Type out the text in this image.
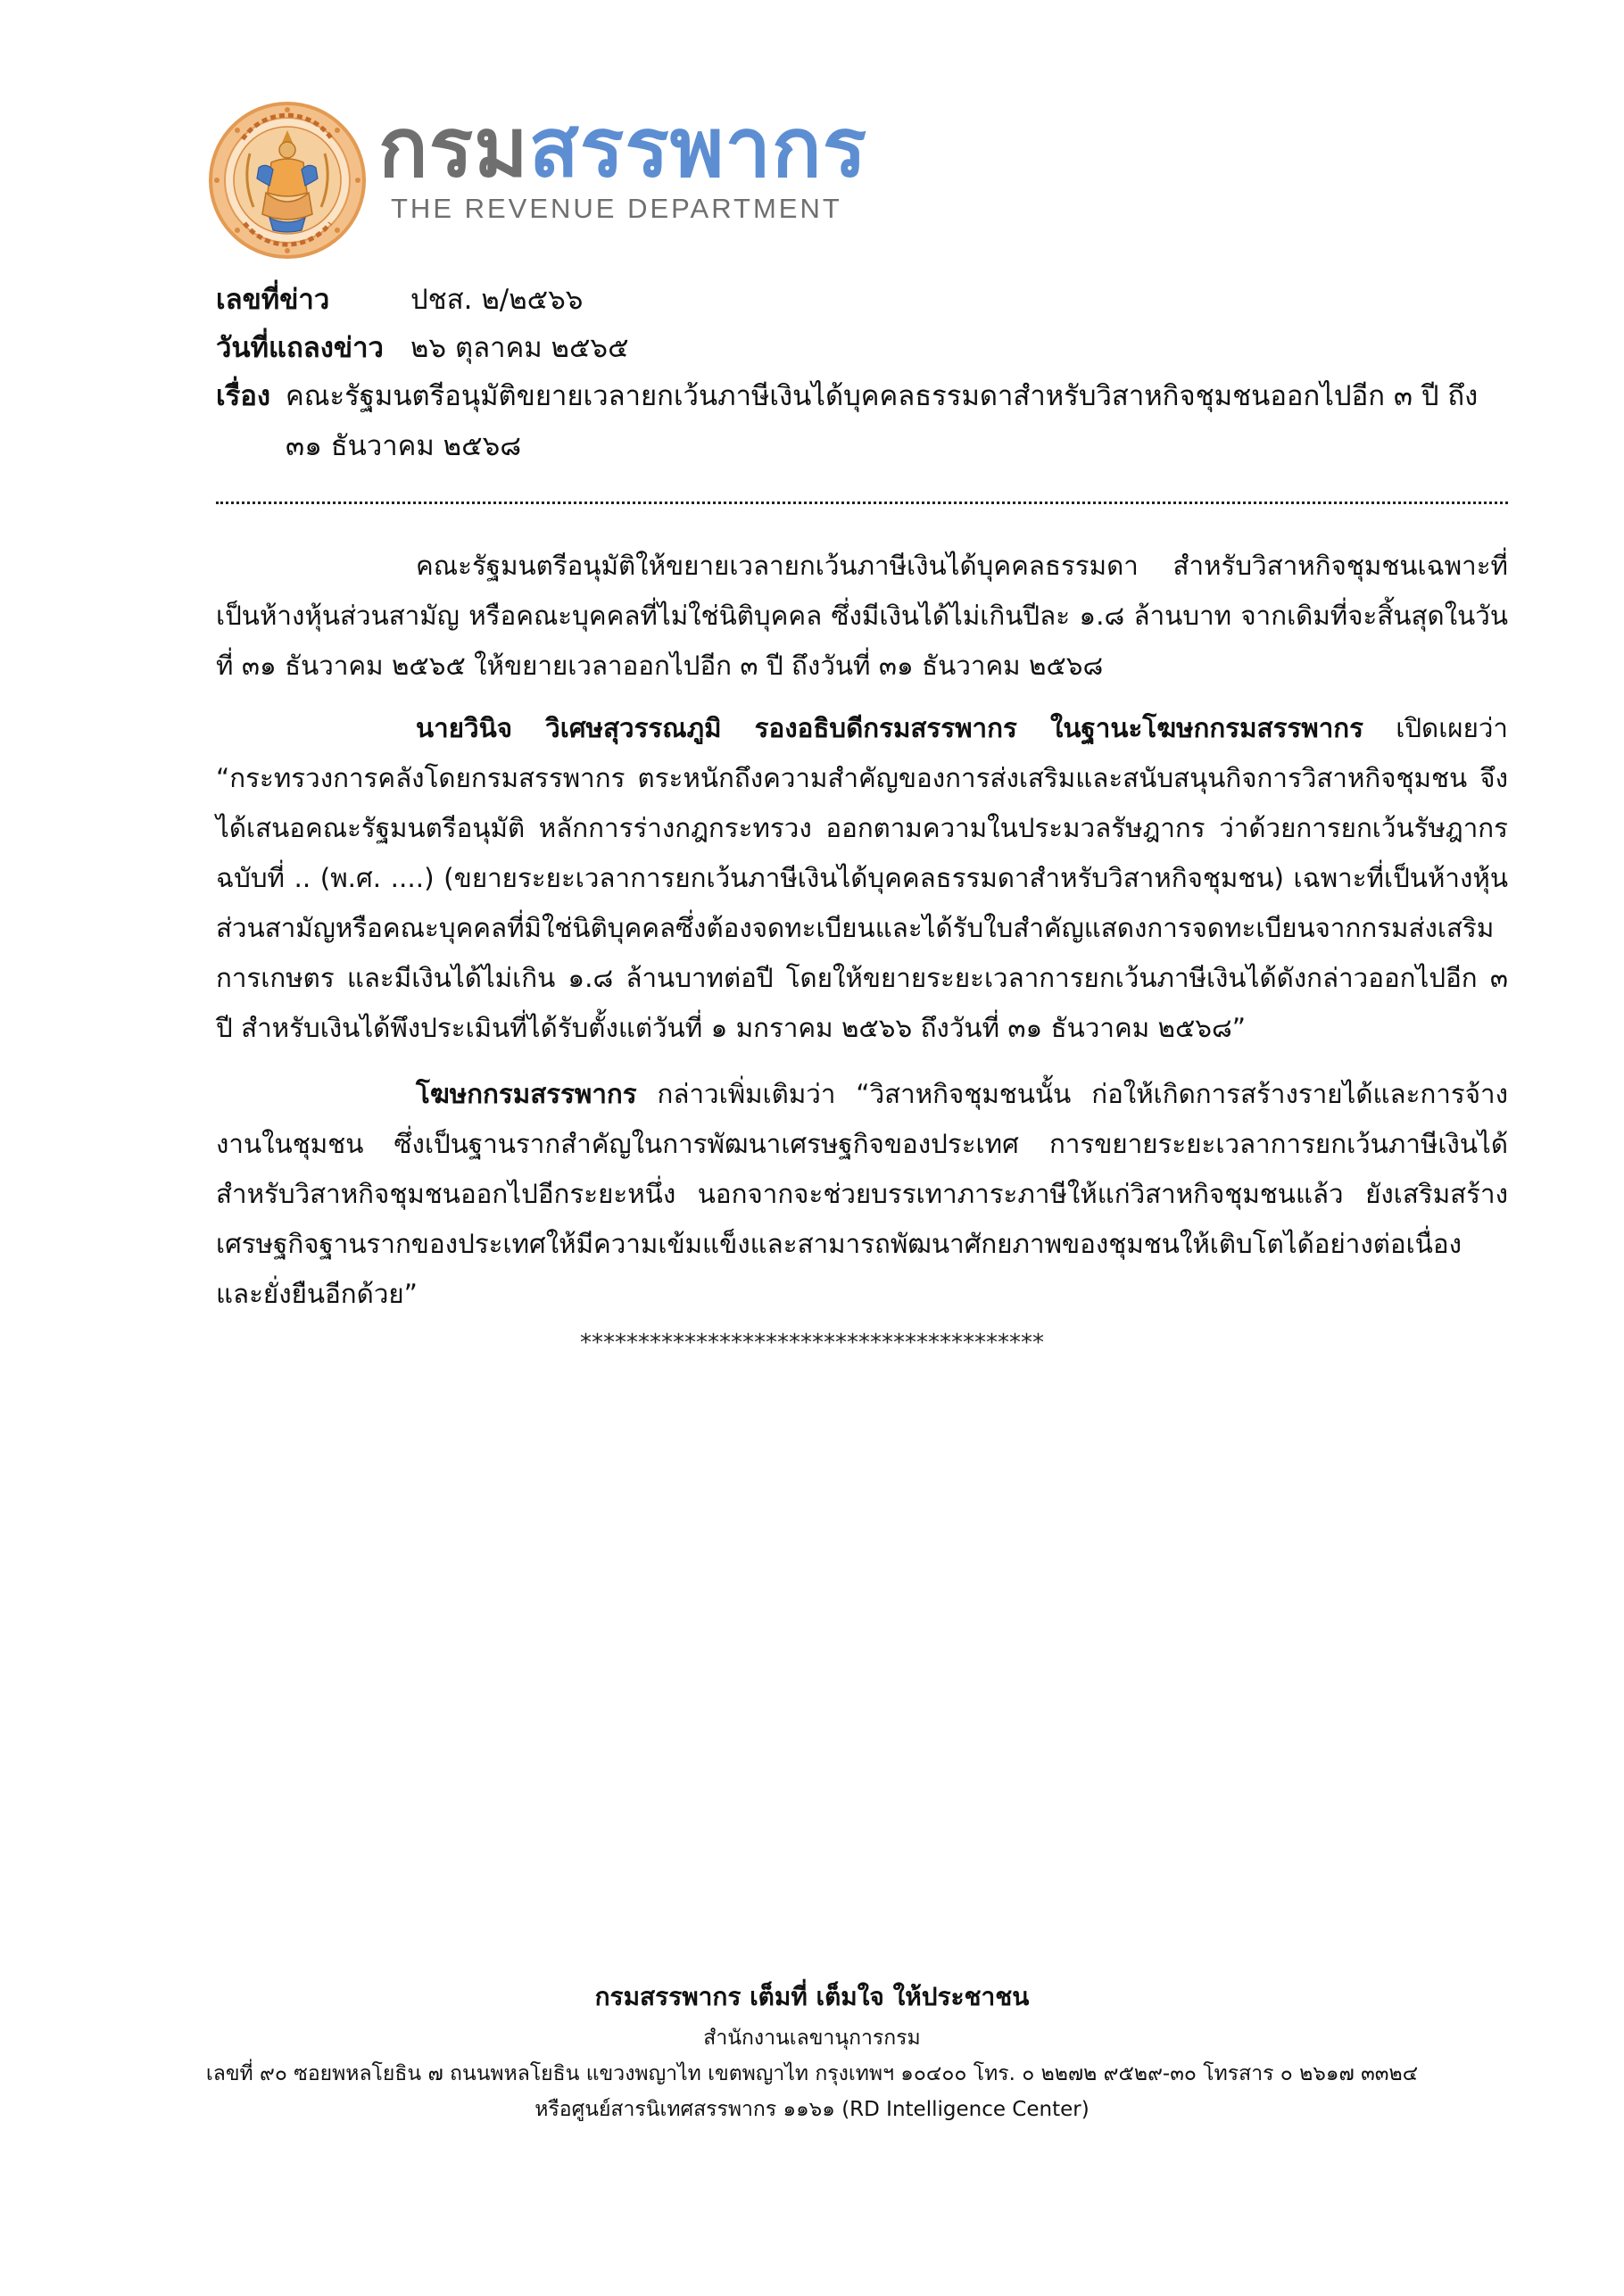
กรมสรรพากร
THE REVENUE DEPARTMENT
เลขที่ข่าว	ปชส. ๒/๒๕๖๖
วันที่แถลงข่าว ๒๖ ตุลาคม ๒๕๖๕
เรื่อง คณะรัฐมนตรีอนุมัติขยายเวลายกเว้นภาษีเงินได้บุคคลธรรมดาสำหรับวิสาหกิจชุมชนออกไปอีก ๓ ปี ถึง ๓๑ ธันวาคม ๒๕๖๘

คณะรัฐมนตรีอนุมัติให้ขยายเวลายกเว้นภาษีเงินได้บุคคลธรรมดา สำหรับวิสาหกิจชุมชนเฉพาะที่เป็นห้างหุ้นส่วนสามัญ หรือคณะบุคคลที่ไม่ใช่นิติบุคคล ซึ่งมีเงินได้ไม่เกินปีละ ๑.๘ ล้านบาท จากเดิมที่จะสิ้นสุดในวันที่ ๓๑ ธันวาคม ๒๕๖๕ ให้ขยายเวลาออกไปอีก ๓ ปี ถึงวันที่ ๓๑ ธันวาคม ๒๕๖๘

นายวินิจ วิเศษสุวรรณภูมิ รองอธิบดีกรมสรรพากร ในฐานะโฆษกกรมสรรพากร เปิดเผยว่า “กระทรวงการคลังโดยกรมสรรพากร ตระหนักถึงความสำคัญของการส่งเสริมและสนับสนุนกิจการวิสาหกิจชุมชน จึงได้เสนอคณะรัฐมนตรีอนุมัติ หลักการร่างกฎกระทรวง ออกตามความในประมวลรัษฎากร ว่าด้วยการยกเว้นรัษฎากร ฉบับที่ .. (พ.ศ. ....) (ขยายระยะเวลาการยกเว้นภาษีเงินได้บุคคลธรรมดาสำหรับวิสาหกิจชุมชน) เฉพาะที่เป็นห้างหุ้นส่วนสามัญหรือคณะบุคคลที่มิใช่นิติบุคคลซึ่งต้องจดทะเบียนและได้รับใบสำคัญแสดงการจดทะเบียนจากกรมส่งเสริมการเกษตร และมีเงินได้ไม่เกิน ๑.๘ ล้านบาทต่อปี โดยให้ขยายระยะเวลาการยกเว้นภาษีเงินได้ดังกล่าวออกไปอีก ๓ ปี สำหรับเงินได้พึงประเมินที่ได้รับตั้งแต่วันที่ ๑ มกราคม ๒๕๖๖ ถึงวันที่ ๓๑ ธันวาคม ๒๕๖๘”

โฆษกกรมสรรพากร กล่าวเพิ่มเติมว่า “วิสาหกิจชุมชนนั้น ก่อให้เกิดการสร้างรายได้และการจ้างงานในชุมชน ซึ่งเป็นฐานรากสำคัญในการพัฒนาเศรษฐกิจของประเทศ การขยายระยะเวลาการยกเว้นภาษีเงินได้สำหรับวิสาหกิจชุมชนออกไปอีกระยะหนึ่ง นอกจากจะช่วยบรรเทาภาระภาษีให้แก่วิสาหกิจชุมชนแล้ว ยังเสริมสร้างเศรษฐกิจฐานรากของประเทศให้มีความเข้มแข็งและสามารถพัฒนาศักยภาพของชุมชนให้เติบโตได้อย่างต่อเนื่องและยั่งยืนอีกด้วย”

****************************************
กรมสรรพากร เต็มที่ เต็มใจ ให้ประชาชน
สำนักงานเลขานุการกรม
เลขที่ ๙๐ ซอยพหลโยธิน ๗ ถนนพหลโยธิน แขวงพญาไท เขตพญาไท กรุงเทพฯ ๑๐๔๐๐ โทร. ๐ ๒๒๗๒ ๙๕๒๙-๓๐ โทรสาร ๐ ๒๖๑๗ ๓๓๒๔
หรือศูนย์สารนิเทศสรรพากร ๑๑๖๑ (RD Intelligence Center)
